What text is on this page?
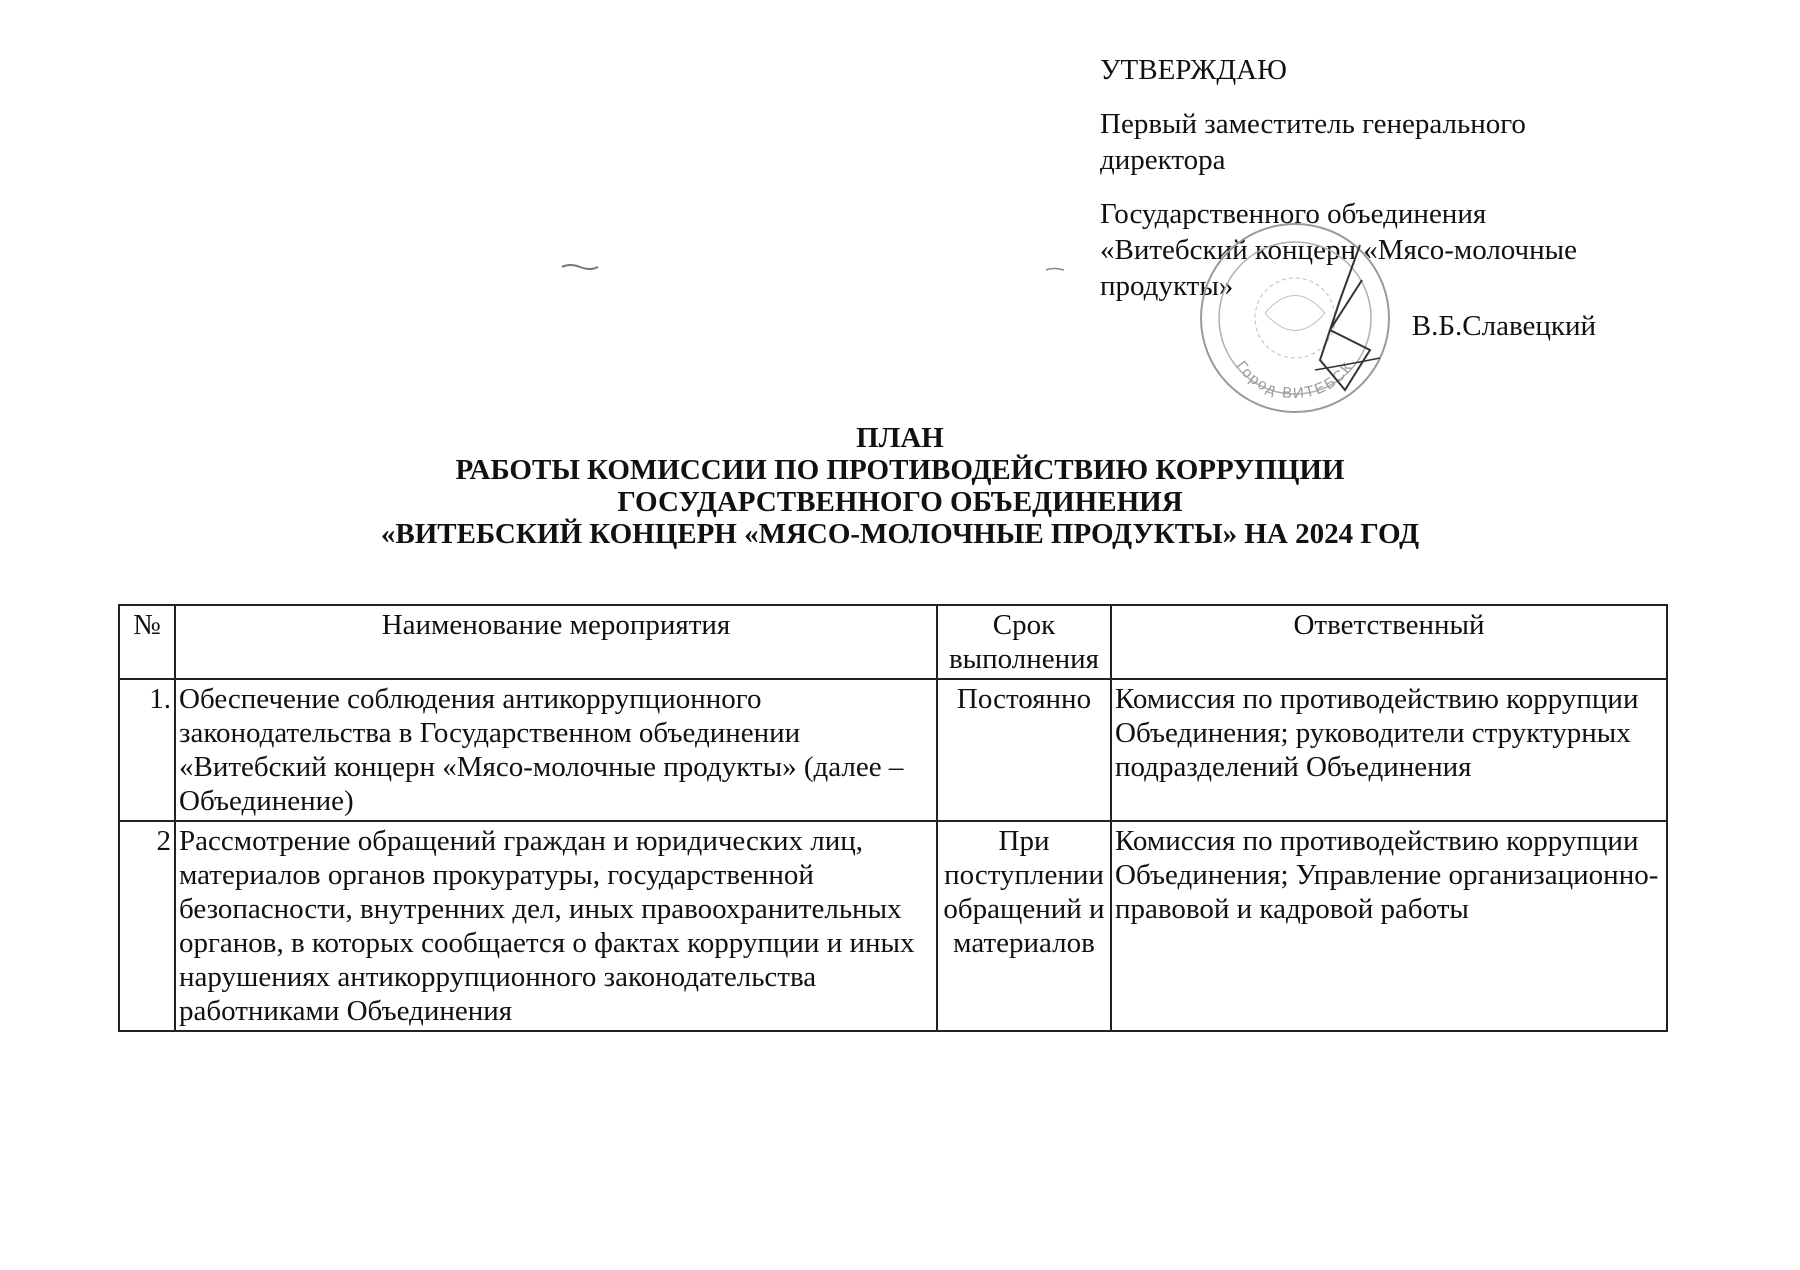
УТВЕРЖДАЮ
Первый заместитель генерального
директора
Государственного объединения
«Витебский концерн «Мясо-молочные
продукты»
В.Б.Славецкий
Город ВИТЕБСК
ПЛАН
РАБОТЫ КОМИССИИ ПО ПРОТИВОДЕЙСТВИЮ КОРРУПЦИИ
ГОСУДАРСТВЕННОГО ОБЪЕДИНЕНИЯ
«ВИТЕБСКИЙ КОНЦЕРН «МЯСО-МОЛОЧНЫЕ ПРОДУКТЫ» НА 2024 ГОД
№	Наименование мероприятия	Срок выполнения	Ответственный
1.	Обеспечение соблюдения антикоррупционного законодательства в Государственном объединении «Витебский концерн «Мясо-молочные продукты» (далее – Объединение)	Постоянно	Комиссия по противодействию коррупции Объединения; руководители структурных подразделений Объединения
2	Рассмотрение обращений граждан и юридических лиц, материалов органов прокуратуры, государственной безопасности, внутренних дел, иных правоохранительных органов, в которых сообщается о фактах коррупции и иных нарушениях антикоррупционного законодательства работниками Объединения	При поступлении обращений и материалов	Комиссия по противодействию коррупции Объединения; Управление организационно-правовой и кадровой работы
